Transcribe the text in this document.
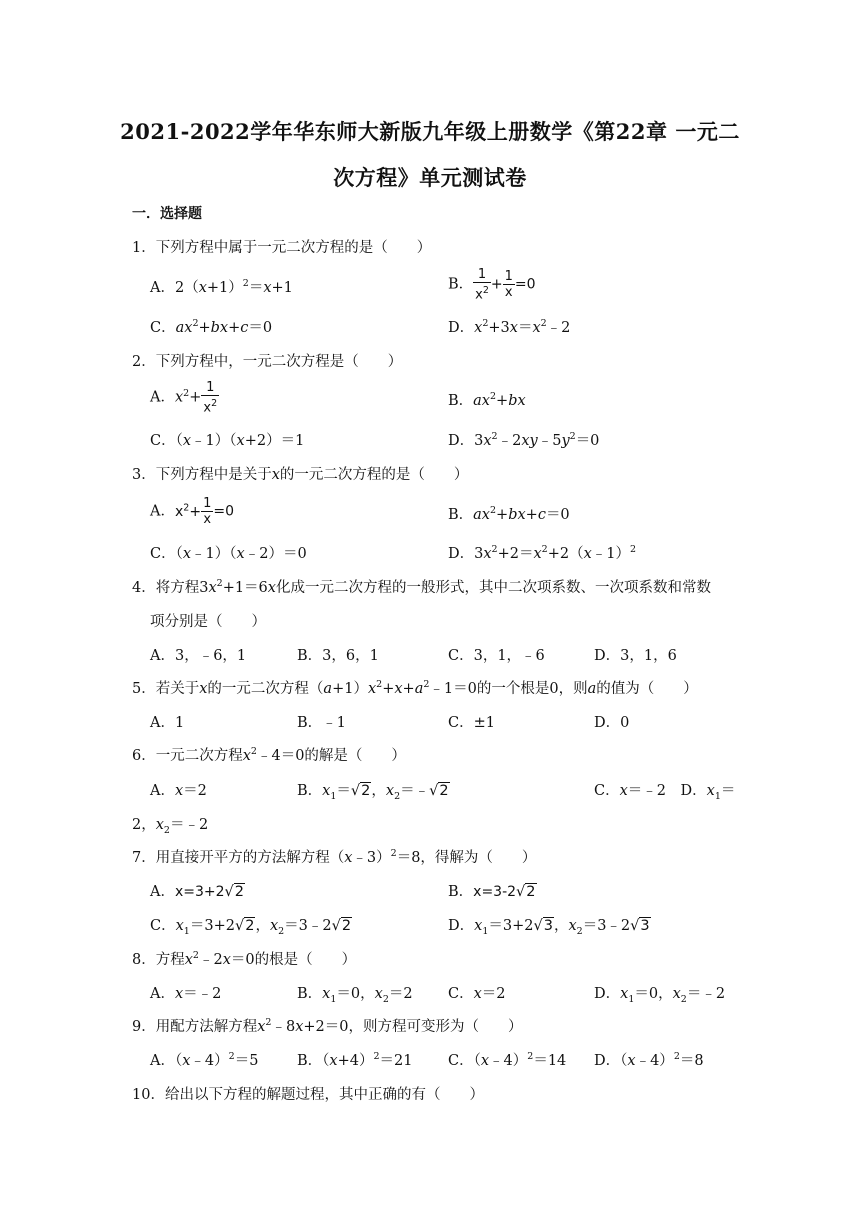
2021-2022学年华东师大新版九年级上册数学《第22章 一元二
次方程》单元测试卷
一．选择题
1．下列方程中属于一元二次方程的是（　　）
A．$2(x+1)^2=x+1$	B． $\frac{1}{x^2} + \frac{1}{x} =0$
C．$ax^2+bx+c=0$	D．$x^2+3x=x^2﹣2$
2．下列方程中，一元二次方程是（　　）
A．$x^2+ \frac{1}{x^2}$	B．$ax^2+bx$
C．（x﹣1）（x+2）＝1	D．$3x^2﹣2xy﹣5y^2=0$
3．下列方程中是关于x的一元二次方程的是（　　）
A．$x^2+ \frac{1}{x} =0$	B．$ax^2+bx+c=0$
C．（x﹣1）（x﹣2）＝0	D．$3x^2+2=x^2+2(x﹣1)^2$
4．将方程$3x^2+1=6x$化成一元二次方程的一般形式，其中二次项系数、一次项系数和常数
项分别是（　　）
A．3，﹣6，1	B．3，6，1	C．3，1，﹣6	D．3，1，6
5．若关于x的一元二次方程$(a+1)x^2+x+a^2﹣1=0$的一个根是0，则a的值为（　　）
A．1	B．﹣1	C．±1	D．0
6．一元二次方程$x^2﹣4=0$的解是（　　）
A．x＝2	B．$x_1=√2$，$x_2=﹣√2$	C．x＝﹣2　D．$x_1=$
2，$x_2=﹣2$
7．用直接开平方的方法解方程（x﹣3）$^2$＝8，得解为（　　）
A．x=3+2√2	B．x=3-2√2
C．$x_1=3+2√2$，$x_2=3﹣2√2$	D．$x_1=3+2√3$，$x_2=3﹣2√3$
8．方程$x^2﹣2x=0$的根是（　　）
A．x＝﹣2	B．$x_1=0$，$x_2=2$ C．x＝2	D．$x_1=0$，$x_2=﹣2$
9．用配方法解方程$x^2﹣8x+2=0$，则方程可变形为（　　）
A．（x﹣4）$^2$＝5	B．$(x+4)^2=21$ C．（x﹣4）$^2$＝14 D．（x﹣4）$^2$＝8
10．给出以下方程的解题过程，其中正确的有（　　）
